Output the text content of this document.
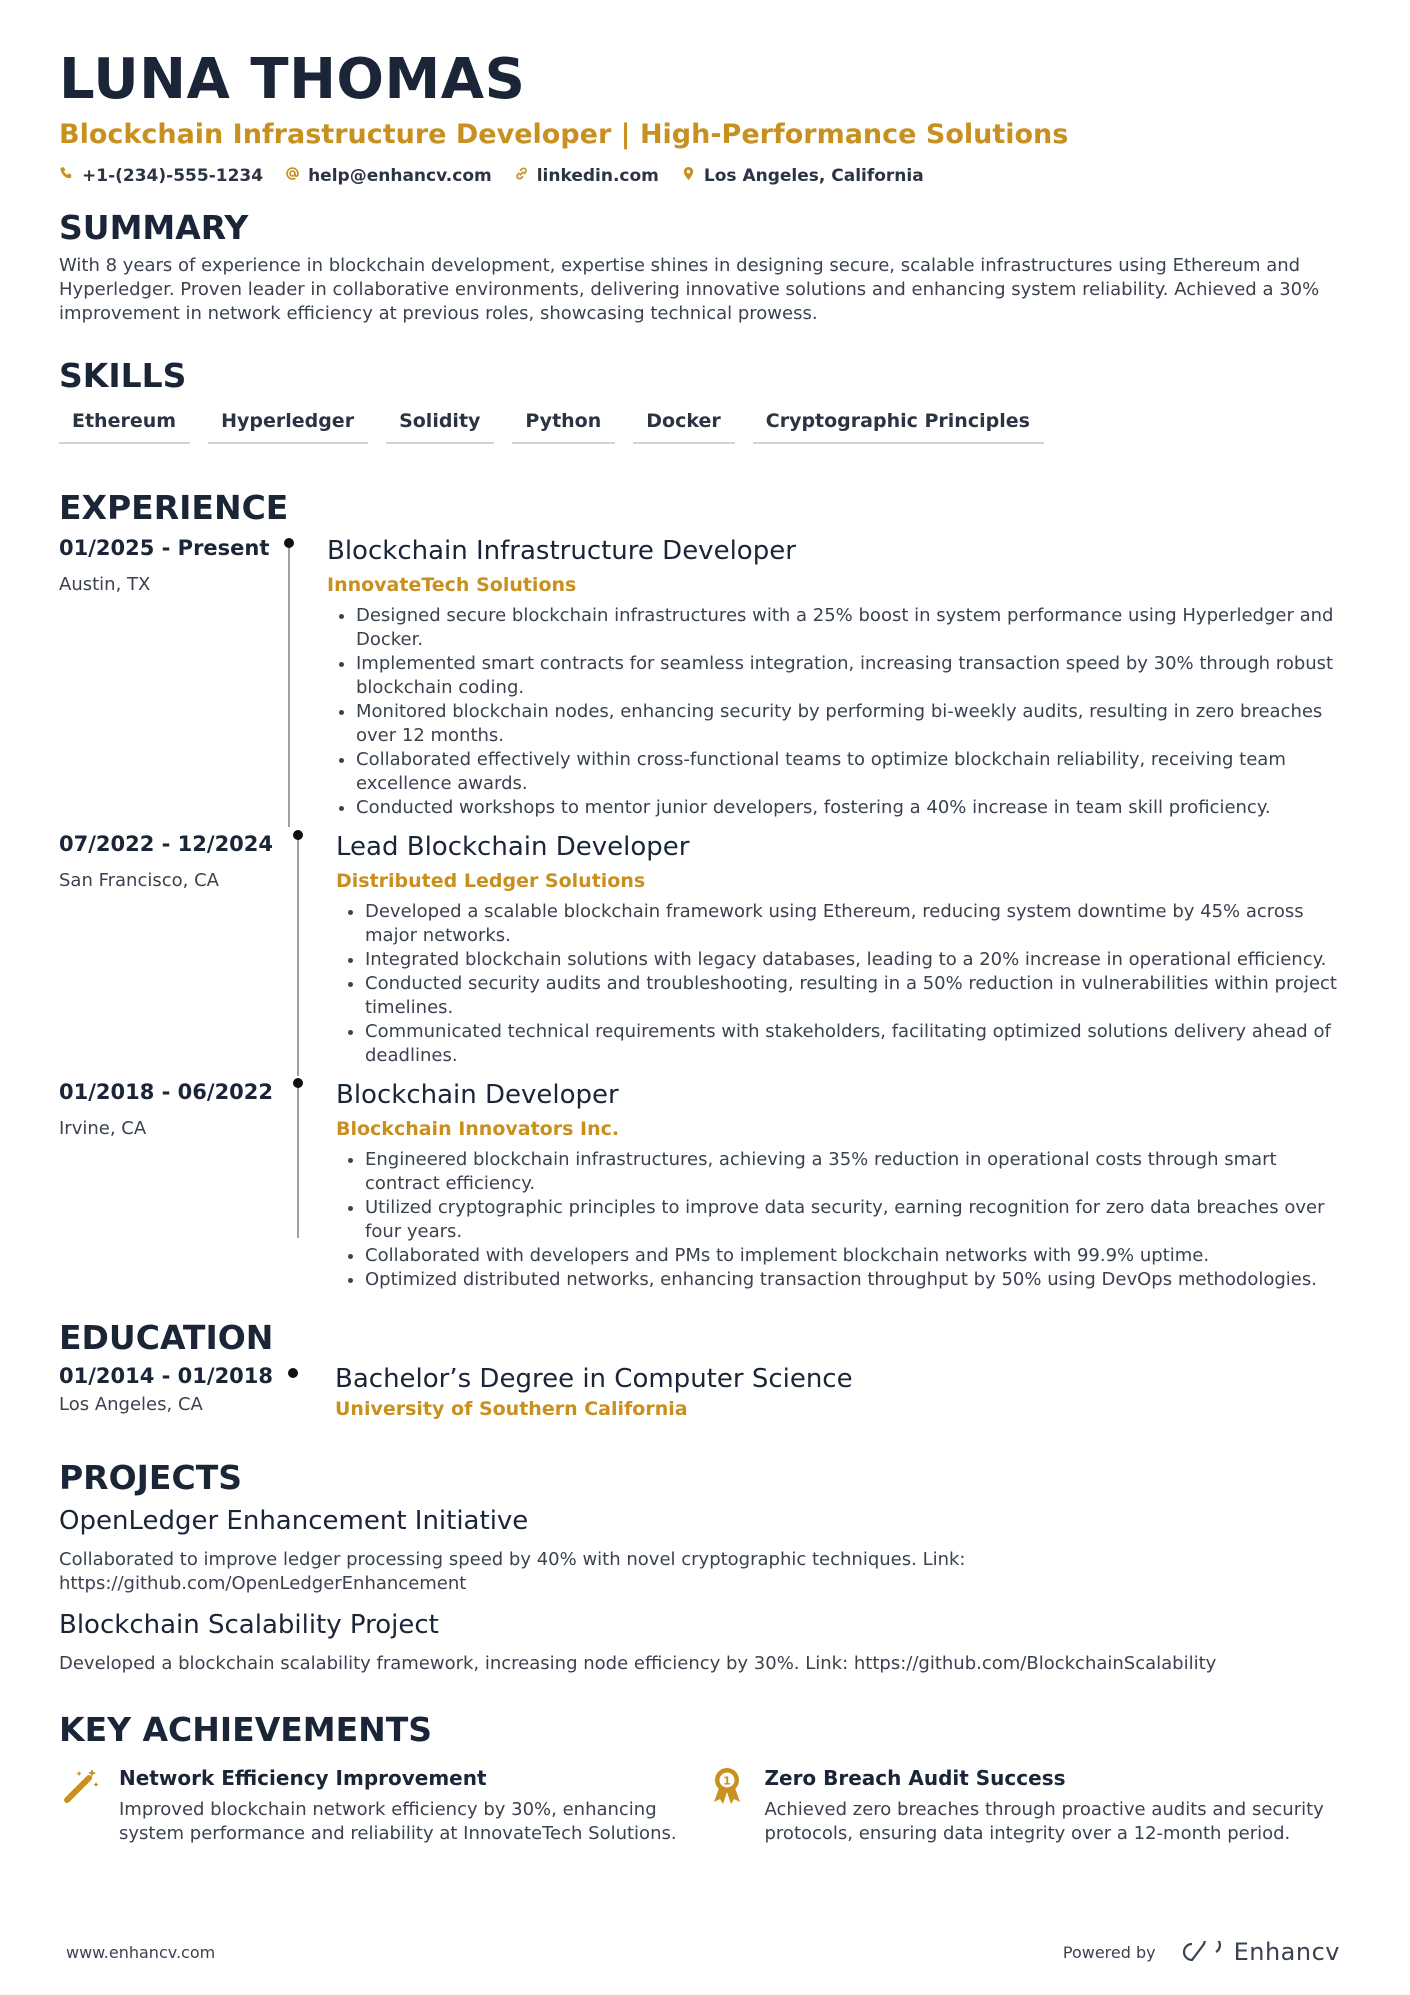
LUNA THOMAS
Blockchain Infrastructure Developer | High-Performance Solutions
+1-(234)-555-1234	help@enhancv.com	linkedin.com	Los Angeles, California
SUMMARY
With 8 years of experience in blockchain development, expertise shines in designing secure, scalable infrastructures using Ethereum and Hyperledger. Proven leader in collaborative environments, delivering innovative solutions and enhancing system reliability. Achieved a 30% improvement in network efficiency at previous roles, showcasing technical prowess.
SKILLS
Ethereum	Hyperledger	Solidity	Python	Docker	Cryptographic Principles
EXPERIENCE
01/2025 - Present
Austin, TX
Blockchain Infrastructure Developer
InnovateTech Solutions
• Designed secure blockchain infrastructures with a 25% boost in system performance using Hyperledger and Docker.
• Implemented smart contracts for seamless integration, increasing transaction speed by 30% through robust blockchain coding.
• Monitored blockchain nodes, enhancing security by performing bi-weekly audits, resulting in zero breaches over 12 months.
• Collaborated effectively within cross-functional teams to optimize blockchain reliability, receiving team excellence awards.
• Conducted workshops to mentor junior developers, fostering a 40% increase in team skill proficiency.
07/2022 - 12/2024
San Francisco, CA
Lead Blockchain Developer
Distributed Ledger Solutions
• Developed a scalable blockchain framework using Ethereum, reducing system downtime by 45% across major networks.
• Integrated blockchain solutions with legacy databases, leading to a 20% increase in operational efficiency.
• Conducted security audits and troubleshooting, resulting in a 50% reduction in vulnerabilities within project timelines.
• Communicated technical requirements with stakeholders, facilitating optimized solutions delivery ahead of deadlines.
01/2018 - 06/2022
Irvine, CA
Blockchain Developer
Blockchain Innovators Inc.
• Engineered blockchain infrastructures, achieving a 35% reduction in operational costs through smart contract efficiency.
• Utilized cryptographic principles to improve data security, earning recognition for zero data breaches over four years.
• Collaborated with developers and PMs to implement blockchain networks with 99.9% uptime.
• Optimized distributed networks, enhancing transaction throughput by 50% using DevOps methodologies.
EDUCATION
01/2014 - 01/2018
Los Angeles, CA
Bachelor’s Degree in Computer Science
University of Southern California
PROJECTS
OpenLedger Enhancement Initiative
Collaborated to improve ledger processing speed by 40% with novel cryptographic techniques. Link: https://github.com/OpenLedgerEnhancement
Blockchain Scalability Project
Developed a blockchain scalability framework, increasing node efficiency by 30%. Link: https://github.com/BlockchainScalability
KEY ACHIEVEMENTS
Network Efficiency Improvement
Improved blockchain network efficiency by 30%, enhancing system performance and reliability at InnovateTech Solutions.
1 Zero Breach Audit Success
Achieved zero breaches through proactive audits and security protocols, ensuring data integrity over a 12-month period.
www.enhancv.com	Powered by	Enhancv
